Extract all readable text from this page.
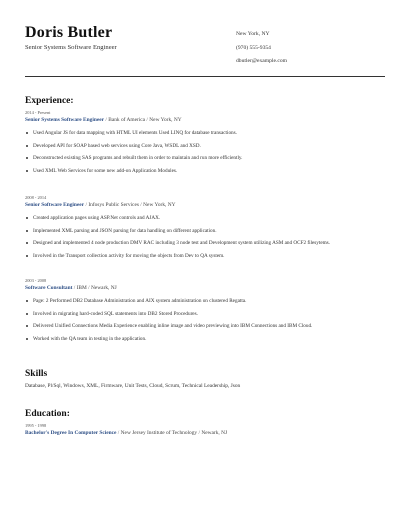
Doris Butler
Senior Systems Software Engineer
New York, NY
(970) 555-9354
dbutler@example.com
Experience:
2014 - Present
Senior Systems Software Engineer / Bank of America / New York, NY
Used Angular JS for data mapping with HTML UI elements Used LINQ for database transactions.
Developed API for SOAP based web services using Core Java, WSDL and XSD.
Deconstructed existing SAS programs and rebuilt them in order to maintain and run more efficiently.
Used XML Web Services for some new add-on Application Modules.
2008 - 2014
Senior Software Engineer / Infosys Public Services / New York, NY
Created application pages using ASP.Net controls and AJAX.
Implemented XML parsing and JSON parsing for data handling on different application.
Designed and implemented 4 node production DMV RAC including 3 node test and Development system utilizing ASM and OCF2 filesytems.
Involved in the Transport collection activity for moving the objects from Dev to QA system.
2003 - 2008
Software Consultant / IBM / Newark, NJ
Page: 2 Performed DB2 Database Administration and AIX system administration on clustered Regatta.
Involved in migrating hard-coded SQL statements into DB2 Stored Procedures.
Delivered Unified Connections Media Experience enabling inline image and video previewing into IBM Connections and IBM Cloud.
Worked with the QA team in testing in the application.
Skills
Database, Pl/Sql, Windows, XML, Firmware, Unit Tests, Cloud, Scrum, Technical Leadership, Json
Education:
1995 - 1998
Bachelor's Degree In Computer Science / New Jersey Institute of Technology / Newark, NJ
